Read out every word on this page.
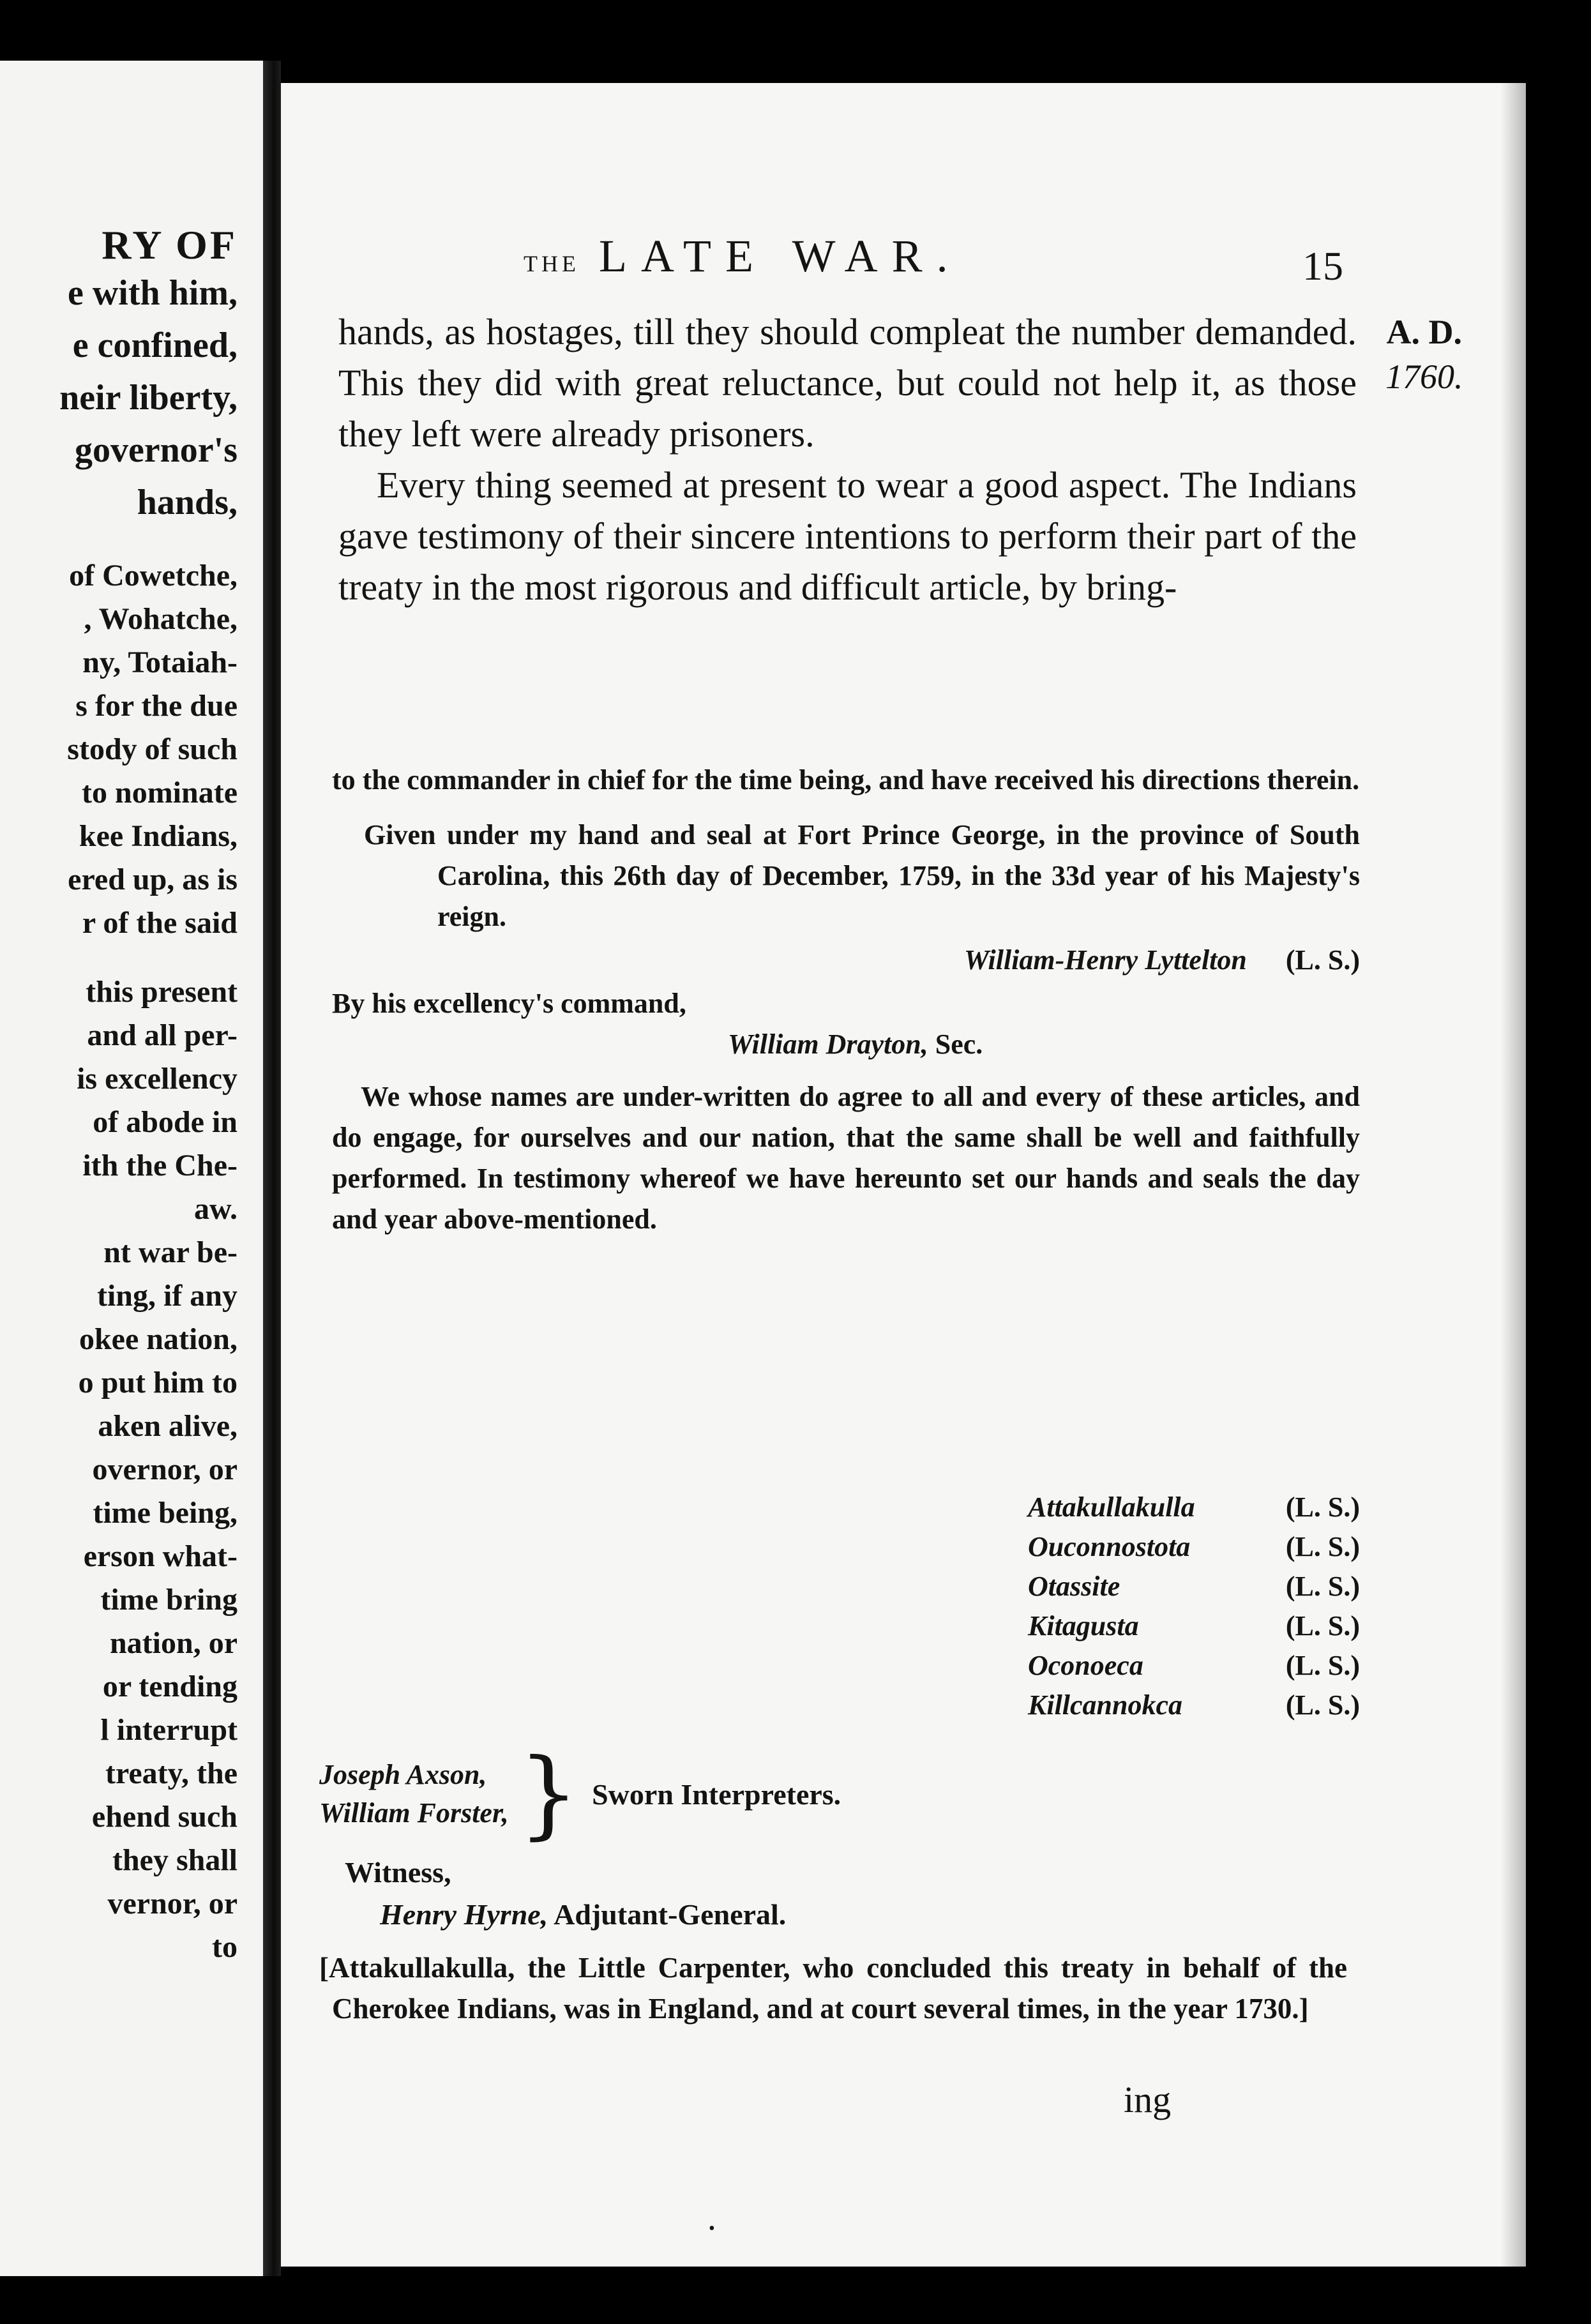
RY OF
e with him,
e confined,
neir liberty,
governor's
hands,
of Cowetche,
, Wohatche,
ny, Totaiah-
s for the due
stody of such
to nominate
kee Indians,
ered up, as is
r of the said
this present
and all per-
is excellency
of abode in
ith the Che-
aw.
nt war be-
ting, if any
okee nation,
o put him to
aken alive,
overnor, or
time being,
erson what-
time bring
nation, or
or tending
l interrupt
treaty, the
ehend such
they shall
vernor, or
to
THE LATE WAR.	15
A. D.
1760.

hands, as hostages, till they should compleat the number demanded. This they did with great reluctance, but could not help it, as those they left were already prisoners.

Every thing seemed at present to wear a good aspect. The Indians gave testimony of their sincere intentions to perform their part of the treaty in the most rigorous and difficult article, by bring-

to the commander in chief for the time being, and have received his directions therein.

Given under my hand and seal at Fort Prince George, in the province of South Carolina, this 26th day of December, 1759, in the 33d year of his Majesty's reign.

William-Henry Lyttelton (L. S.)
By his excellency's command,
William Drayton, Sec.

We whose names are under-written do agree to all and every of these articles, and do engage, for ourselves and our nation, that the same shall be well and faithfully performed. In testimony whereof we have hereunto set our hands and seals the day and year above-mentioned.

Attakullakulla	(L. S.)
Ouconnostota	(L. S.)
Otassite	(L. S.)
Kitagusta	(L. S.)
Oconoeca	(L. S.)
Killcannokca	(L. S.)
Joseph Axson,
William Forster, } Sworn Interpreters.
Witness,
Henry Hyrne, Adjutant-General.

[Attakullakulla, the Little Carpenter, who concluded this treaty in behalf of the Cherokee Indians, was in England, and at court several times, in the year 1730.]

ing
•
